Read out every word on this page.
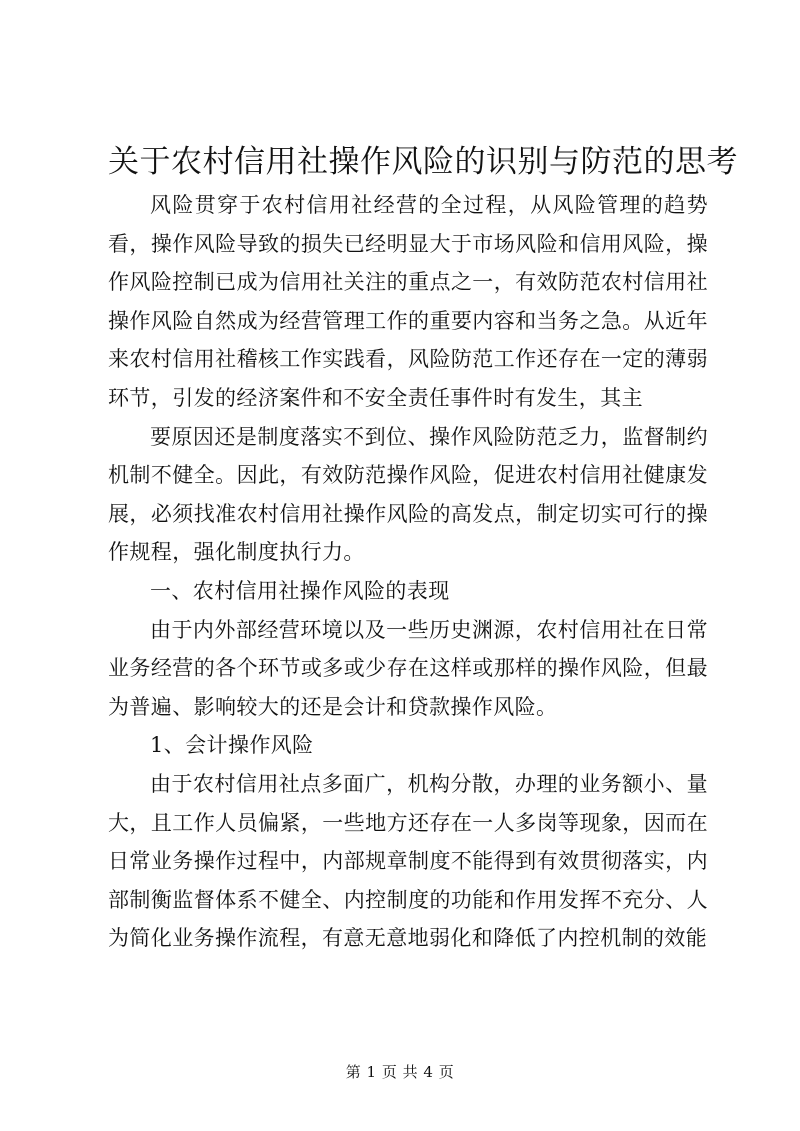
关于农村信用社操作风险的识别与防范的思考

风险贯穿于农村信用社经营的全过程，从风险管理的趋势看，操作风险导致的损失已经明显大于市场风险和信用风险，操作风险控制已成为信用社关注的重点之一，有效防范农村信用社操作风险自然成为经营管理工作的重要内容和当务之急。从近年来农村信用社稽核工作实践看，风险防范工作还存在一定的薄弱环节，引发的经济案件和不安全责任事件时有发生，其主

要原因还是制度落实不到位、操作风险防范乏力，监督制约机制不健全。因此，有效防范操作风险，促进农村信用社健康发展，必须找准农村信用社操作风险的高发点，制定切实可行的操作规程，强化制度执行力。

一、农村信用社操作风险的表现

由于内外部经营环境以及一些历史渊源，农村信用社在日常业务经营的各个环节或多或少存在这样或那样的操作风险，但最为普遍、影响较大的还是会计和贷款操作风险。

1、会计操作风险

由于农村信用社点多面广，机构分散，办理的业务额小、量大，且工作人员偏紧，一些地方还存在一人多岗等现象，因而在日常业务操作过程中，内部规章制度不能得到有效贯彻落实，内部制衡监督体系不健全、内控制度的功能和作用发挥不充分、人为简化业务操作流程，有意无意地弱化和降低了内控机制的效能

第 1 页 共 4 页
